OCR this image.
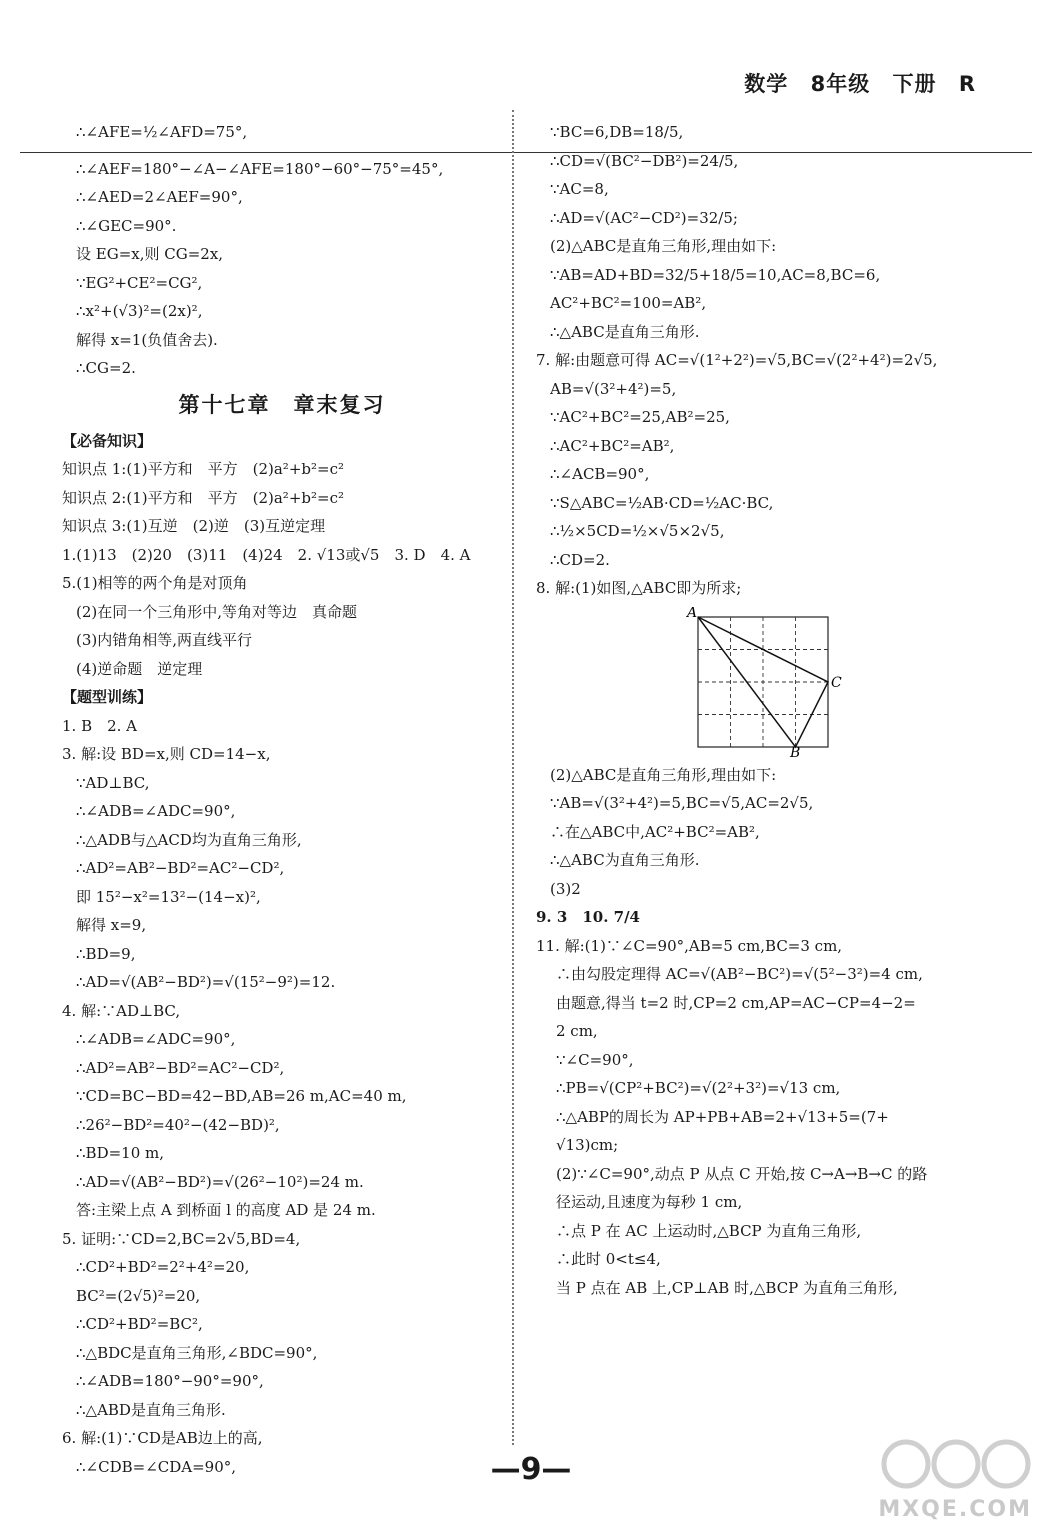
数学 8年级 下册 R
∴∠AFE=½∠AFD=75°,
∴∠AEF=180°−∠A−∠AFE=180°−60°−75°=45°,
∴∠AED=2∠AEF=90°,
∴∠GEC=90°.
设 EG=x,则 CG=2x,
∵EG²+CE²=CG²,
∴x²+(√3)²=(2x)²,
解得 x=1(负值舍去).
∴CG=2.
第十七章　章末复习
【必备知识】
知识点 1:(1)平方和　平方　(2)a²+b²=c²
知识点 2:(1)平方和　平方　(2)a²+b²=c²
知识点 3:(1)互逆　(2)逆　(3)互逆定理
1.(1)13　(2)20　(3)11　(4)24　2. √13或√5　3. D　4. A
5.(1)相等的两个角是对顶角
(2)在同一个三角形中,等角对等边　真命题
(3)内错角相等,两直线平行
(4)逆命题　逆定理
【题型训练】
1. B　2. A
3. 解:设 BD=x,则 CD=14−x,
∵AD⊥BC,
∴∠ADB=∠ADC=90°,
∴△ADB与△ACD均为直角三角形,
∴AD²=AB²−BD²=AC²−CD²,
即 15²−x²=13²−(14−x)²,
解得 x=9,
∴BD=9,
∴AD=√(AB²−BD²)=√(15²−9²)=12.
4. 解:∵AD⊥BC,
∴∠ADB=∠ADC=90°,
∴AD²=AB²−BD²=AC²−CD²,
∵CD=BC−BD=42−BD,AB=26 m,AC=40 m,
∴26²−BD²=40²−(42−BD)²,
∴BD=10 m,
∴AD=√(AB²−BD²)=√(26²−10²)=24 m.
答:主梁上点 A 到桥面 l 的高度 AD 是 24 m.
5. 证明:∵CD=2,BC=2√5,BD=4,
∴CD²+BD²=2²+4²=20,
BC²=(2√5)²=20,
∴CD²+BD²=BC²,
∴△BDC是直角三角形,∠BDC=90°,
∴∠ADB=180°−90°=90°,
∴△ABD是直角三角形.
6. 解:(1)∵CD是AB边上的高,
∴∠CDB=∠CDA=90°,
∵BC=6,DB=18/5,
∴CD=√(BC²−DB²)=24/5,
∵AC=8,
∴AD=√(AC²−CD²)=32/5;
(2)△ABC是直角三角形,理由如下:
∵AB=AD+BD=32/5+18/5=10,AC=8,BC=6,
AC²+BC²=100=AB²,
∴△ABC是直角三角形.
7. 解:由题意可得 AC=√(1²+2²)=√5,BC=√(2²+4²)=2√5,
AB=√(3²+4²)=5,
∵AC²+BC²=25,AB²=25,
∴AC²+BC²=AB²,
∴∠ACB=90°,
∵S△ABC=½AB·CD=½AC·BC,
∴½×5CD=½×√5×2√5,
∴CD=2.
8. 解:(1)如图,△ABC即为所求;
A
C
B
(2)△ABC是直角三角形,理由如下:
∵AB=√(3²+4²)=5,BC=√5,AC=2√5,
∴在△ABC中,AC²+BC²=AB²,
∴△ABC为直角三角形.
(3)2
9. 3　10. 7/4
11. 解:(1)∵∠C=90°,AB=5 cm,BC=3 cm,
∴由勾股定理得 AC=√(AB²−BC²)=√(5²−3²)=4 cm,
由题意,得当 t=2 时,CP=2 cm,AP=AC−CP=4−2=
2 cm,
∵∠C=90°,
∴PB=√(CP²+BC²)=√(2²+3²)=√13 cm,
∴△ABP的周长为 AP+PB+AB=2+√13+5=(7+
√13)cm;
(2)∵∠C=90°,动点 P 从点 C 开始,按 C→A→B→C 的路
径运动,且速度为每秒 1 cm,
∴点 P 在 AC 上运动时,△BCP 为直角三角形,
∴此时 0<t≤4,
当 P 点在 AB 上,CP⊥AB 时,△BCP 为直角三角形,
—9—
MXQE.COM
